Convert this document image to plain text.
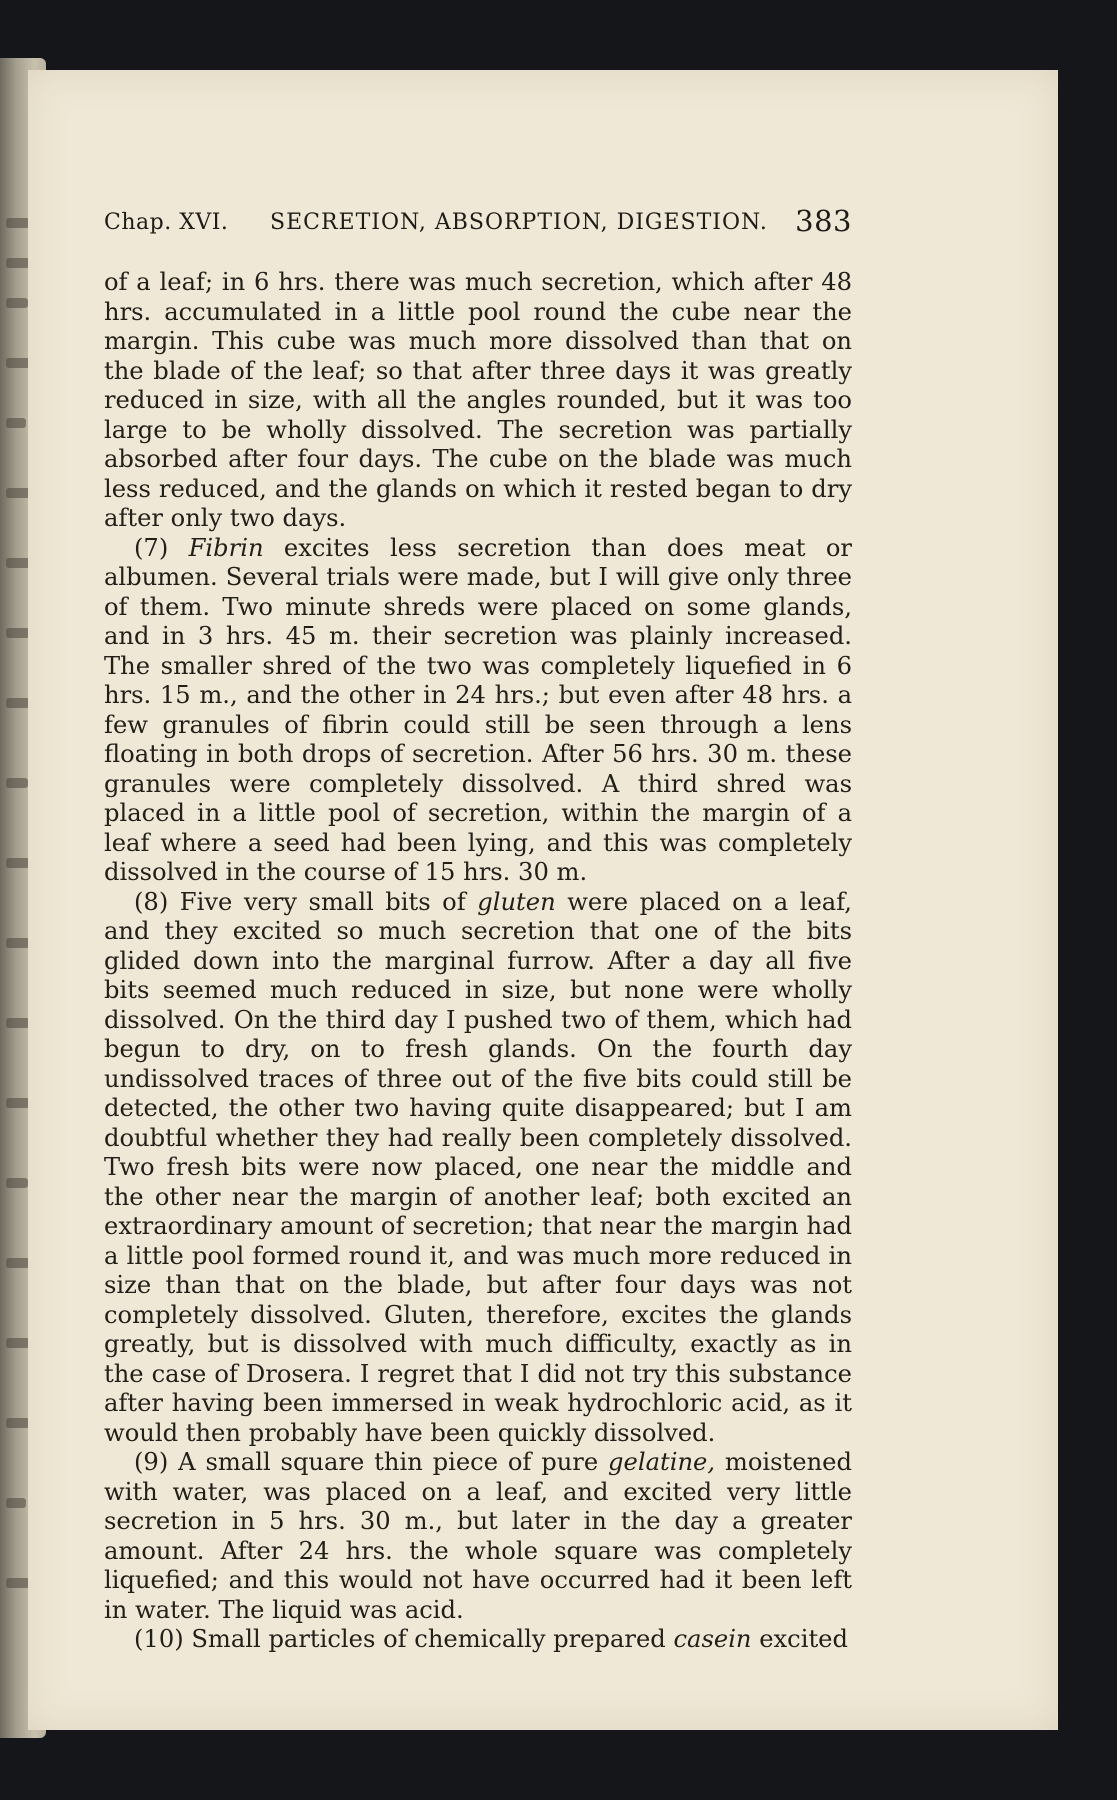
Chap. XVI. SECRETION, ABSORPTION, DIGESTION. 383

of a leaf; in 6 hrs. there was much secretion, which after 48 hrs. accumulated in a little pool round the cube near the margin. This cube was much more dissolved than that on the blade of the leaf; so that after three days it was greatly reduced in size, with all the angles rounded, but it was too large to be wholly dissolved. The secretion was partially absorbed after four days. The cube on the blade was much less reduced, and the glands on which it rested began to dry after only two days.

(7) Fibrin excites less secretion than does meat or albumen. Several trials were made, but I will give only three of them. Two minute shreds were placed on some glands, and in 3 hrs. 45 m. their secretion was plainly increased. The smaller shred of the two was completely liquefied in 6 hrs. 15 m., and the other in 24 hrs.; but even after 48 hrs. a few granules of fibrin could still be seen through a lens floating in both drops of secretion. After 56 hrs. 30 m. these granules were completely dissolved. A third shred was placed in a little pool of secretion, within the margin of a leaf where a seed had been lying, and this was completely dissolved in the course of 15 hrs. 30 m.

(8) Five very small bits of gluten were placed on a leaf, and they excited so much secretion that one of the bits glided down into the marginal furrow. After a day all five bits seemed much reduced in size, but none were wholly dissolved. On the third day I pushed two of them, which had begun to dry, on to fresh glands. On the fourth day undissolved traces of three out of the five bits could still be detected, the other two having quite disappeared; but I am doubtful whether they had really been completely dissolved. Two fresh bits were now placed, one near the middle and the other near the margin of another leaf; both excited an extraordinary amount of secretion; that near the margin had a little pool formed round it, and was much more reduced in size than that on the blade, but after four days was not completely dissolved. Gluten, therefore, excites the glands greatly, but is dissolved with much difficulty, exactly as in the case of Drosera. I regret that I did not try this substance after having been immersed in weak hydrochloric acid, as it would then probably have been quickly dissolved.

(9) A small square thin piece of pure gelatine, moistened with water, was placed on a leaf, and excited very little secretion in 5 hrs. 30 m., but later in the day a greater amount. After 24 hrs. the whole square was completely liquefied; and this would not have occurred had it been left in water. The liquid was acid.

(10) Small particles of chemically prepared casein excited
